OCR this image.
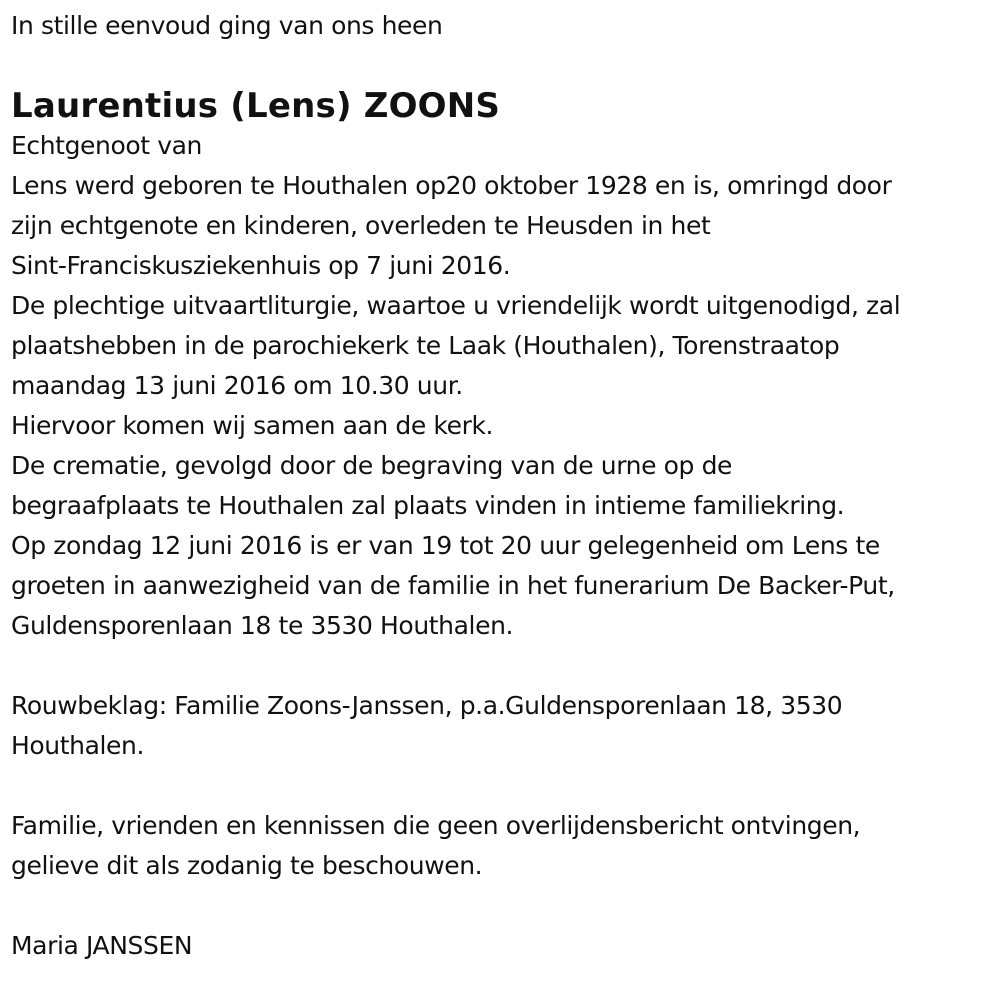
In stille eenvoud ging van ons heen
Laurentius (Lens) ZOONS
Echtgenoot van
Lens werd geboren te Houthalen op20 oktober 1928 en is, omringd door
zijn echtgenote en kinderen, overleden te Heusden in het
Sint-Franciskusziekenhuis op 7 juni 2016.
De plechtige uitvaartliturgie, waartoe u vriendelijk wordt uitgenodigd, zal
plaatshebben in de parochiekerk te Laak (Houthalen), Torenstraatop
maandag 13 juni 2016 om 10.30 uur.
Hiervoor komen wij samen aan de kerk.
De crematie, gevolgd door de begraving van de urne op de
begraafplaats te Houthalen zal plaats vinden in intieme familiekring.
Op zondag 12 juni 2016 is er van 19 tot 20 uur gelegenheid om Lens te
groeten in aanwezigheid van de familie in het funerarium De Backer-Put,
Guldensporenlaan 18 te 3530 Houthalen.
Rouwbeklag: Familie Zoons-Janssen, p.a.Guldensporenlaan 18, 3530
Houthalen.
Familie, vrienden en kennissen die geen overlijdensbericht ontvingen,
gelieve dit als zodanig te beschouwen.
Maria JANSSEN
